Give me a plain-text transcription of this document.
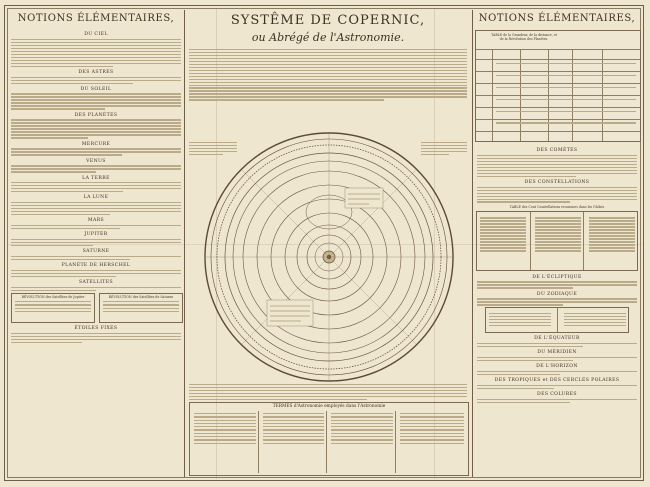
NOTIONS ÉLÉMENTAIRES,
DU CIEL
DES ASTRES
DU SOLEIL
DES PLANÈTES
MERCURE
VENUS
LA TERRE
LA LUNE
MARS
JUPITER
SATURNE
PLANÈTE DE HERSCHEL
SATELLITES
RÉVOLUTION des Satellites de Jupiter	RÉVOLUTION des Satellites de Saturne
ÉTOILES FIXES
SYSTÊME DE COPERNIC,
ou Abrégé de l'Astronomie.
TERMES d'Astronomie employés dans l'Astronomie
NOTIONS ÉLÉMENTAIRES,
TABLE de la Grandeur, de la distance, et de la Révolution des Planètes.
DES COMÈTES
DES CONSTELLATIONS
TABLE des Cent Constellations reconnues dans les Globes
DE L'ÉCLIPTIQUE
DU ZODIAQUE
DE L'ÉQUATEUR
DU MÉRIDIEN
DE L'HORIZON
DES TROPIQUES et DES CERCLES POLAIRES
DES COLURES
